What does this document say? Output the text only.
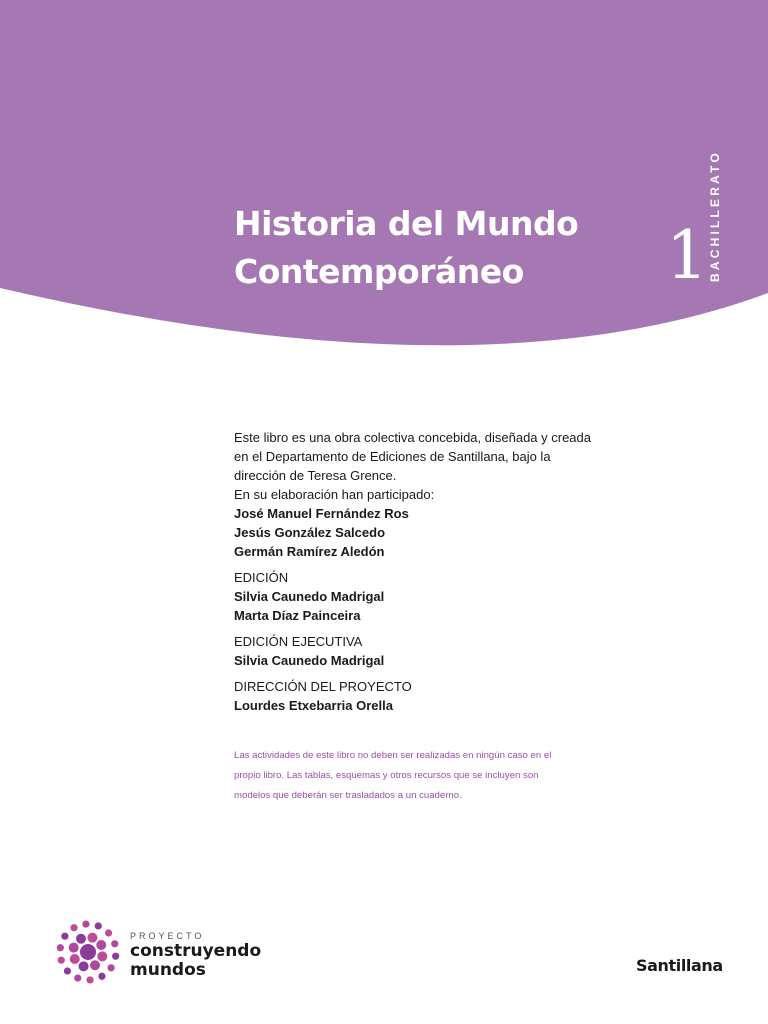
Historia del Mundo
Contemporáneo	1 BACHILLERATO

Este libro es una obra colectiva concebida, diseñada y creada en el Departamento de Ediciones de Santillana, bajo la dirección de Teresa Grence.

En su elaboración han participado:

José Manuel Fernández Ros

Jesús González Salcedo

Germán Ramírez Aledón

EDICIÓN

Silvia Caunedo Madrigal

Marta Díaz Painceira

EDICIÓN EJECUTIVA

Silvia Caunedo Madrigal

DIRECCIÓN DEL PROYECTO

Lourdes Etxebarria Orella

Las actividades de este libro no deben ser realizadas en ningún caso en el propio libro. Las tablas, esquemas y otros recursos que se incluyen son modelos que deberán ser trasladados a un cuaderno.

PROYECTO
construyendo
mundos	Santillana
